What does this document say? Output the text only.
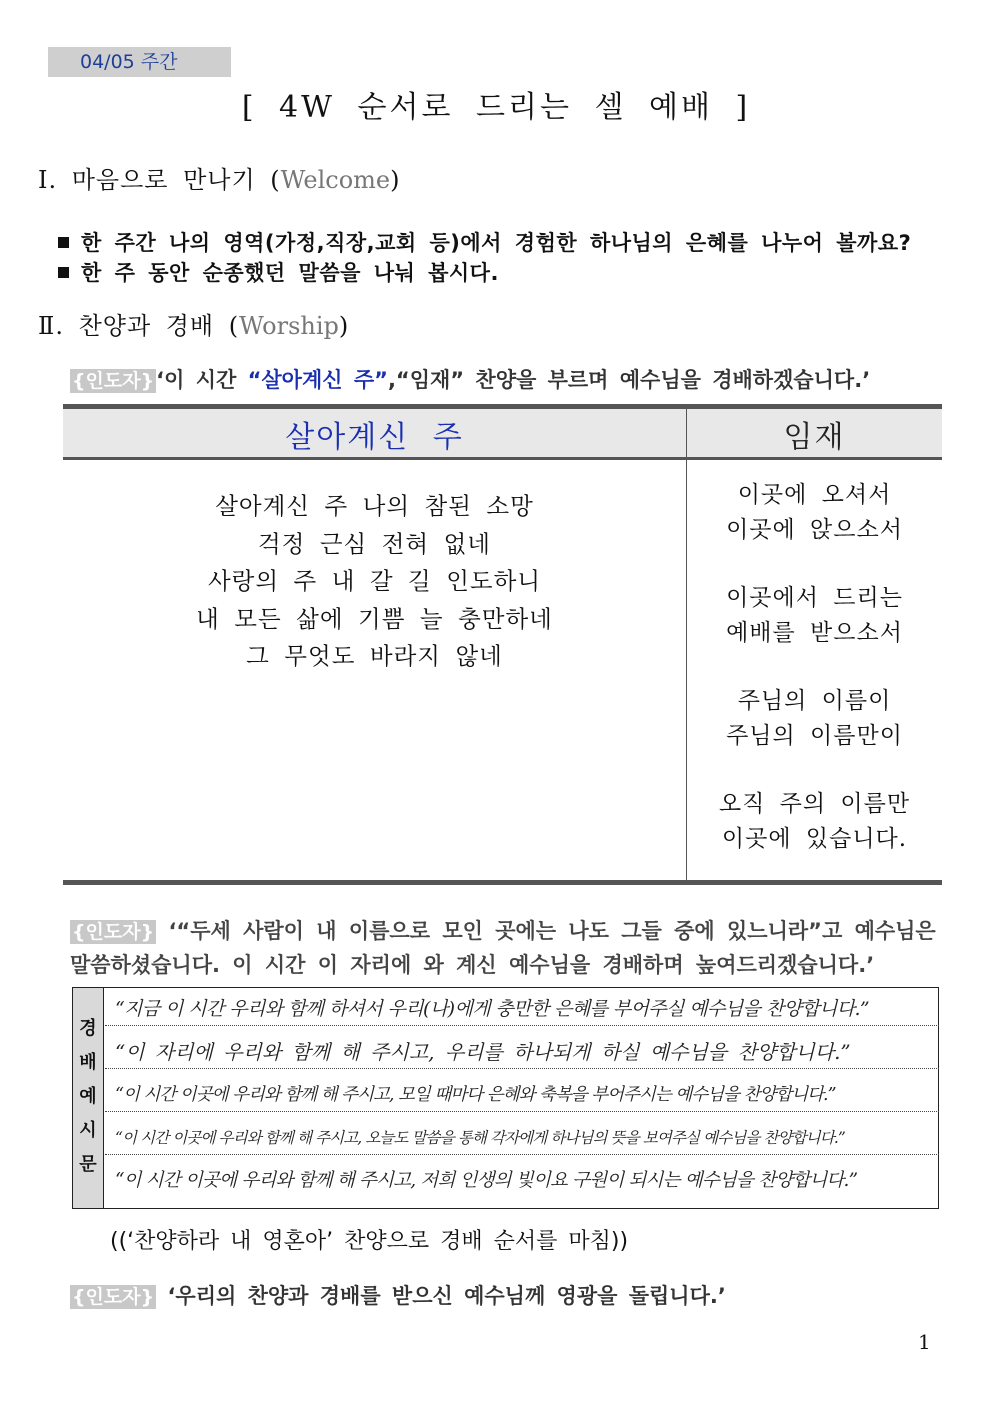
04/05 주간
[ 4W 순서로 드리는 셀 예배 ]
Ⅰ. 마음으로 만나기 (Welcome)
한 주간 나의 영역(가정,직장,교회 등)에서 경험한 하나님의 은혜를 나누어 볼까요?
한 주 동안 순종했던 말씀을 나눠 봅시다.
Ⅱ. 찬양과 경배 (Worship)
{인도자}‘이 시간 “살아계신 주”,“임재” 찬양을 부르며 예수님을 경배하겠습니다.’
살아계신 주	임재
살아계신 주 나의 참된 소망
걱정 근심 전혀 없네
사랑의 주 내 갈 길 인도하니
내 모든 삶에 기쁨 늘 충만하네
그 무엇도 바라지 않네
이곳에 오셔서
이곳에 앉으소서
이곳에서 드리는
예배를 받으소서
주님의 이름이
주님의 이름만이
오직 주의 이름만
이곳에 있습니다.
{인도자} ‘“두세 사람이 내 이름으로 모인 곳에는 나도 그들 중에 있느니라”고 예수님은
말씀하셨습니다. 이 시간 이 자리에 와 계신 예수님을 경배하며 높여드리겠습니다.’
경
배
예
시
문
“지금 이 시간 우리와 함께 하셔서 우리(나)에게 충만한 은혜를 부어주실 예수님을 찬양합니다.”
“이 자리에 우리와 함께 해 주시고, 우리를 하나되게 하실 예수님을 찬양합니다.”
“이 시간 이곳에 우리와 함께 해 주시고, 모일 때마다 은혜와 축복을 부어주시는 예수님을 찬양합니다.”
“이 시간 이곳에 우리와 함께 해 주시고, 오늘도 말씀을 통해 각자에게 하나님의 뜻을 보여주실 예수님을 찬양합니다.”
“이 시간 이곳에 우리와 함께 해 주시고, 저희 인생의 빛이요 구원이 되시는 예수님을 찬양합니다.”
((‘찬양하라 내 영혼아’ 찬양으로 경배 순서를 마침))
{인도자} ‘우리의 찬양과 경배를 받으신 예수님께 영광을 돌립니다.’
1
